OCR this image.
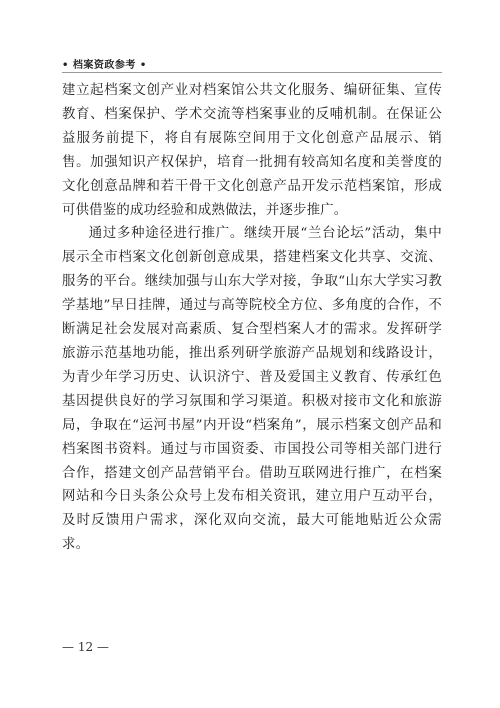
• 档案资政参考 •

建立起档案文创产业对档案馆公共文化服务、编研征集、宣传教育、档案保护、学术交流等档案事业的反哺机制。在保证公益服务前提下，将自有展陈空间用于文化创意产品展示、销售。加强知识产权保护，培育一批拥有较高知名度和美誉度的文化创意品牌和若干骨干文化创意产品开发示范档案馆，形成可供借鉴的成功经验和成熟做法，并逐步推广。

通过多种途径进行推广。继续开展“兰台论坛”活动，集中展示全市档案文化创新创意成果，搭建档案文化共享、交流、服务的平台。继续加强与山东大学对接，争取“山东大学实习教学基地”早日挂牌，通过与高等院校全方位、多角度的合作，不断满足社会发展对高素质、复合型档案人才的需求。发挥研学旅游示范基地功能，推出系列研学旅游产品规划和线路设计，为青少年学习历史、认识济宁、普及爱国主义教育、传承红色基因提供良好的学习氛围和学习渠道。积极对接市文化和旅游局，争取在“运河书屋”内开设“档案角”，展示档案文创产品和档案图书资料。通过与市国资委、市国投公司等相关部门进行合作，搭建文创产品营销平台。借助互联网进行推广，在档案网站和今日头条公众号上发布相关资讯，建立用户互动平台，及时反馈用户需求，深化双向交流，最大可能地贴近公众需求。

— 12 —
